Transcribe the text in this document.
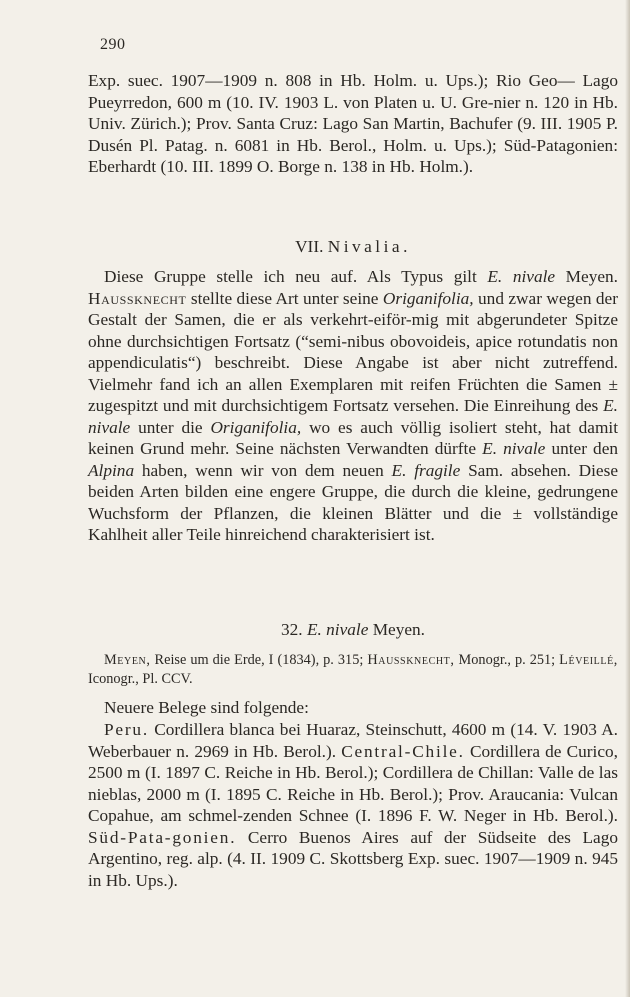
290

Exp. suec. 1907—1909 n. 808 in Hb. Holm. u. Ups.); Rio Geo— Lago Pueyrredon, 600 m (10. IV. 1903 L. von Platen u. U. Gre-nier n. 120 in Hb. Univ. Zürich.); Prov. Santa Cruz: Lago San Martin, Bachufer (9. III. 1905 P. Dusén Pl. Patag. n. 6081 in Hb. Berol., Holm. u. Ups.); Süd-Patagonien: Eberhardt (10. III. 1899 O. Borge n. 138 in Hb. Holm.).

VII. Nivalia.

Diese Gruppe stelle ich neu auf. Als Typus gilt E. nivale Meyen. Haussknecht stellte diese Art unter seine Origanifolia, und zwar wegen der Gestalt der Samen, die er als verkehrt-eiför-mig mit abgerundeter Spitze ohne durchsichtigen Fortsatz (“semi-nibus obovoideis, apice rotundatis non appendiculatis“) beschreibt. Diese Angabe ist aber nicht zutreffend. Vielmehr fand ich an allen Exemplaren mit reifen Früchten die Samen ± zugespitzt und mit durchsichtigem Fortsatz versehen. Die Einreihung des E. nivale unter die Origanifolia, wo es auch völlig isoliert steht, hat damit keinen Grund mehr. Seine nächsten Verwandten dürfte E. nivale unter den Alpina haben, wenn wir von dem neuen E. fragile Sam. absehen. Diese beiden Arten bilden eine engere Gruppe, die durch die kleine, gedrungene Wuchsform der Pflanzen, die kleinen Blätter und die ± vollständige Kahlheit aller Teile hinreichend charakterisiert ist.

32. E. nivale Meyen.

Meyen, Reise um die Erde, I (1834), p. 315; Haussknecht, Monogr., p. 251; Léveillé, Iconogr., Pl. CCV.

Neuere Belege sind folgende:

Peru. Cordillera blanca bei Huaraz, Steinschutt, 4600 m (14. V. 1903 A. Weberbauer n. 2969 in Hb. Berol.). Central-Chile. Cordillera de Curico, 2500 m (I. 1897 C. Reiche in Hb. Berol.); Cordillera de Chillan: Valle de las nieblas, 2000 m (I. 1895 C. Reiche in Hb. Berol.); Prov. Araucania: Vulcan Copahue, am schmel-zenden Schnee (I. 1896 F. W. Neger in Hb. Berol.). Süd-Pata-gonien. Cerro Buenos Aires auf der Südseite des Lago Argentino, reg. alp. (4. II. 1909 C. Skottsberg Exp. suec. 1907—1909 n. 945 in Hb. Ups.).
